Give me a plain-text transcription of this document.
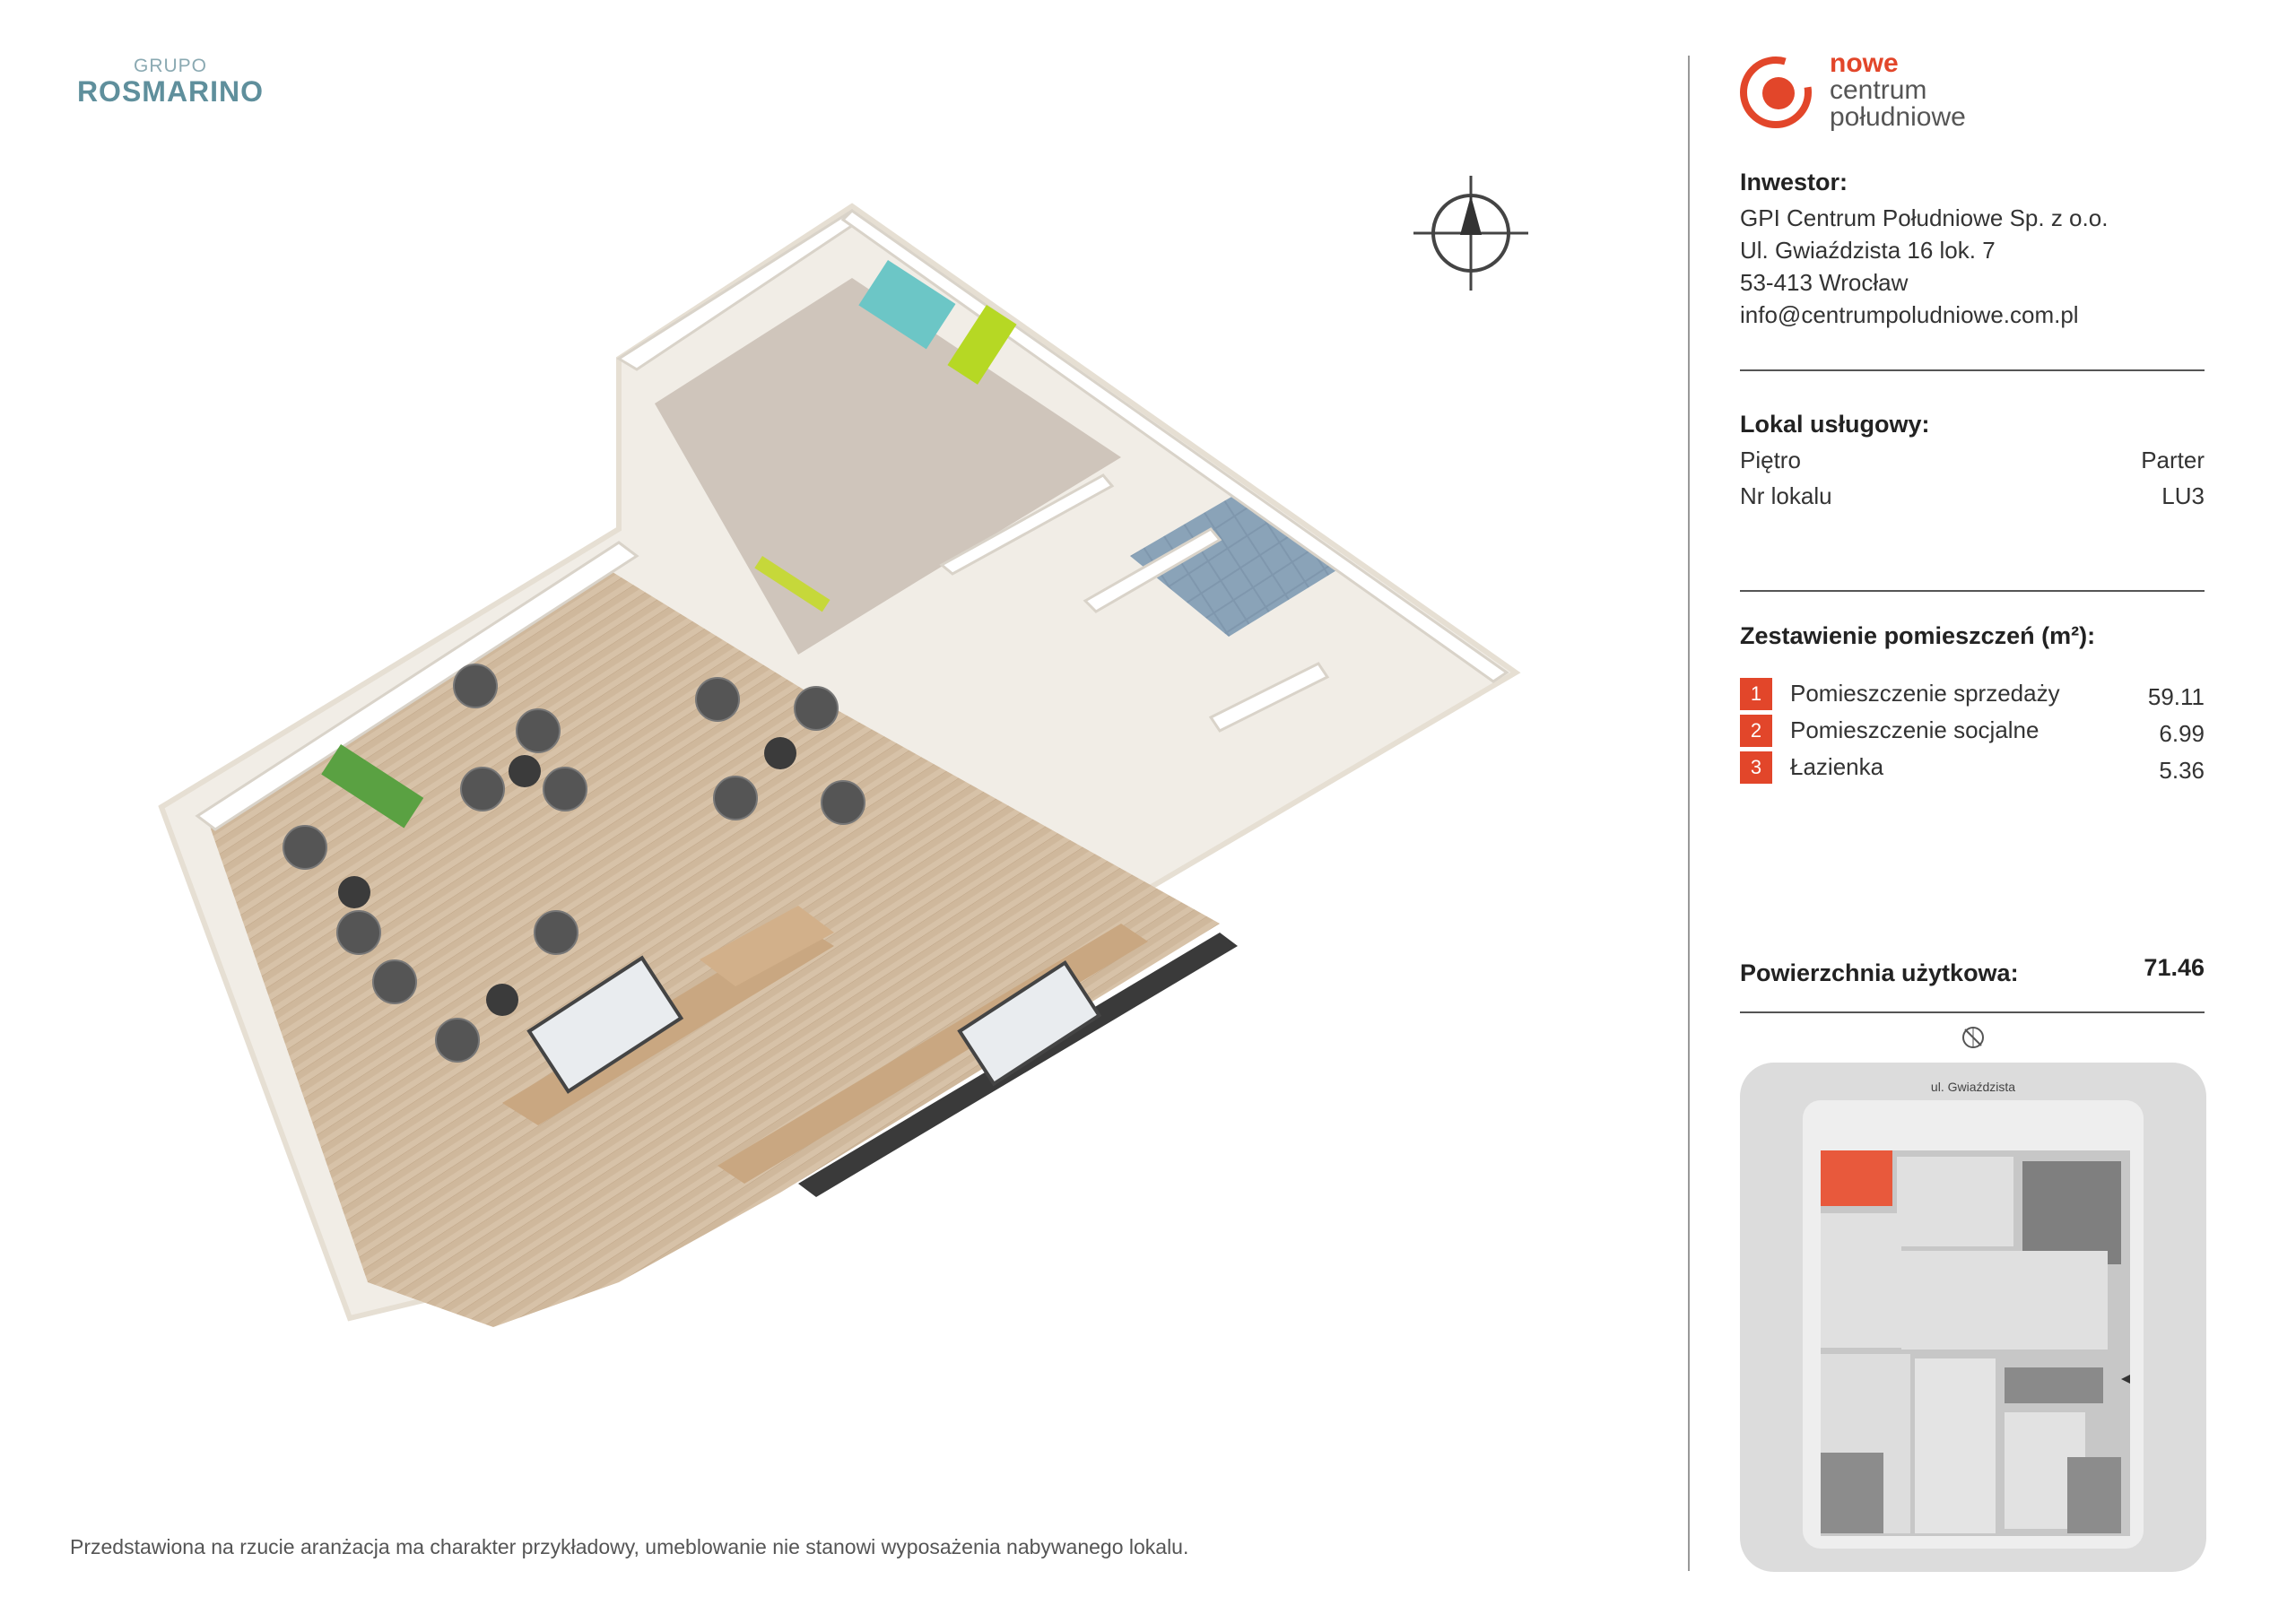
GRUPO
ROSMARINO
Przedstawiona na rzucie aranżacja ma charakter przykładowy, umeblowanie nie stanowi wyposażenia nabywanego lokalu.
nowe
centrum
południowe
Inwestor:
GPI Centrum Południowe Sp. z o.o.
Ul. Gwiaździsta 16 lok. 7
53-413 Wrocław
info@centrumpoludniowe.com.pl
Lokal usługowy:
Piętro	Parter
Nr lokalu	LU3
Zestawienie pomieszczeń (m²):
1	Pomieszczenie sprzedaży	59.11
2	Pomieszczenie socjalne	6.99
3	Łazienka	5.36
Powierzchnia użytkowa:	71.46
ul. Gwiaździsta
